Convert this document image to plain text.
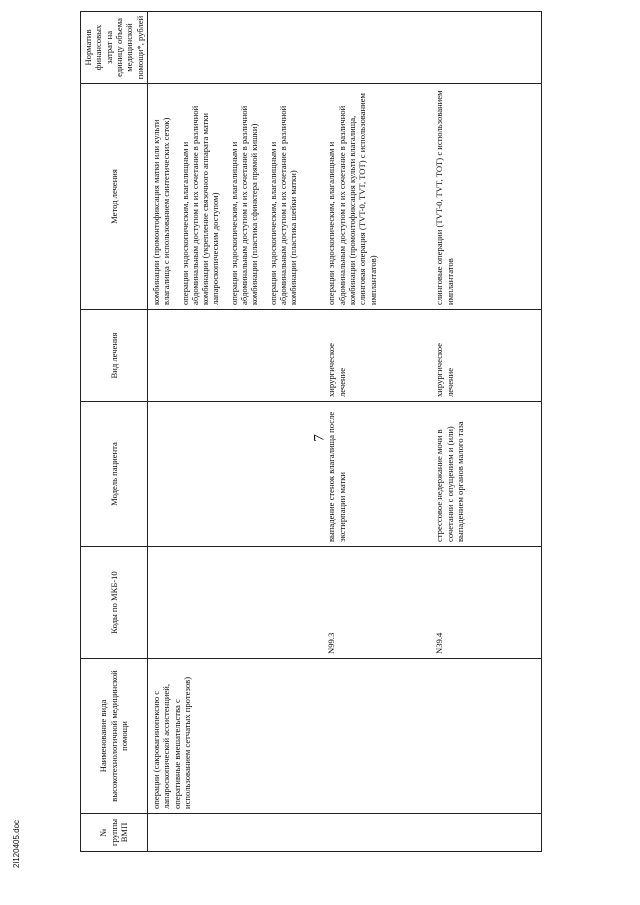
7
№ группы ВМП	Наименование вида высокотехнологичной медицинской помощи	Коды по МКБ-10	Модель пациента	Вид лечения	Метод лечения	Норматив финансовых затрат на единицу объема медицинской помощи*, рублей
	операции (сакровагинопексию с лапароскопической ассистенцией, оперативные вмешательства с использованием сетчатых протезов)				комбинации (промонтофиксация матки или культи влагалища с использованием синтетических сеток) операции эндоскопическим, влагалищным и абдоминальным доступом и их сочетание в различной комбинации (укрепление связочного аппарата матки лапароскопическим доступом) операции эндоскопическим, влагалищным и абдоминальным доступом и их сочетание в различной комбинации (пластика сфинктера прямой кишки) операции эндоскопическим, влагалищным и абдоминальным доступом и их сочетание в различной комбинации (пластика шейки матки)	

		N99.3	выпадение стенок влагалища после экстирпации матки	хирургическое лечение	операции эндоскопическим, влагалищным и абдоминальным доступом и их сочетание в различной комбинации (промонтофиксация культи влагалища, слинговая операция (TVT-0, TVT, TOT) с использованием имплантатов)	

		N39.4	стрессовое недержание мочи в сочетании с опущением и (или) выпадением органов малого таза	хирургическое лечение	слинговые операции (TVT-0, TVT, TOT) с использованием имплантатов	

2l120405.doc
